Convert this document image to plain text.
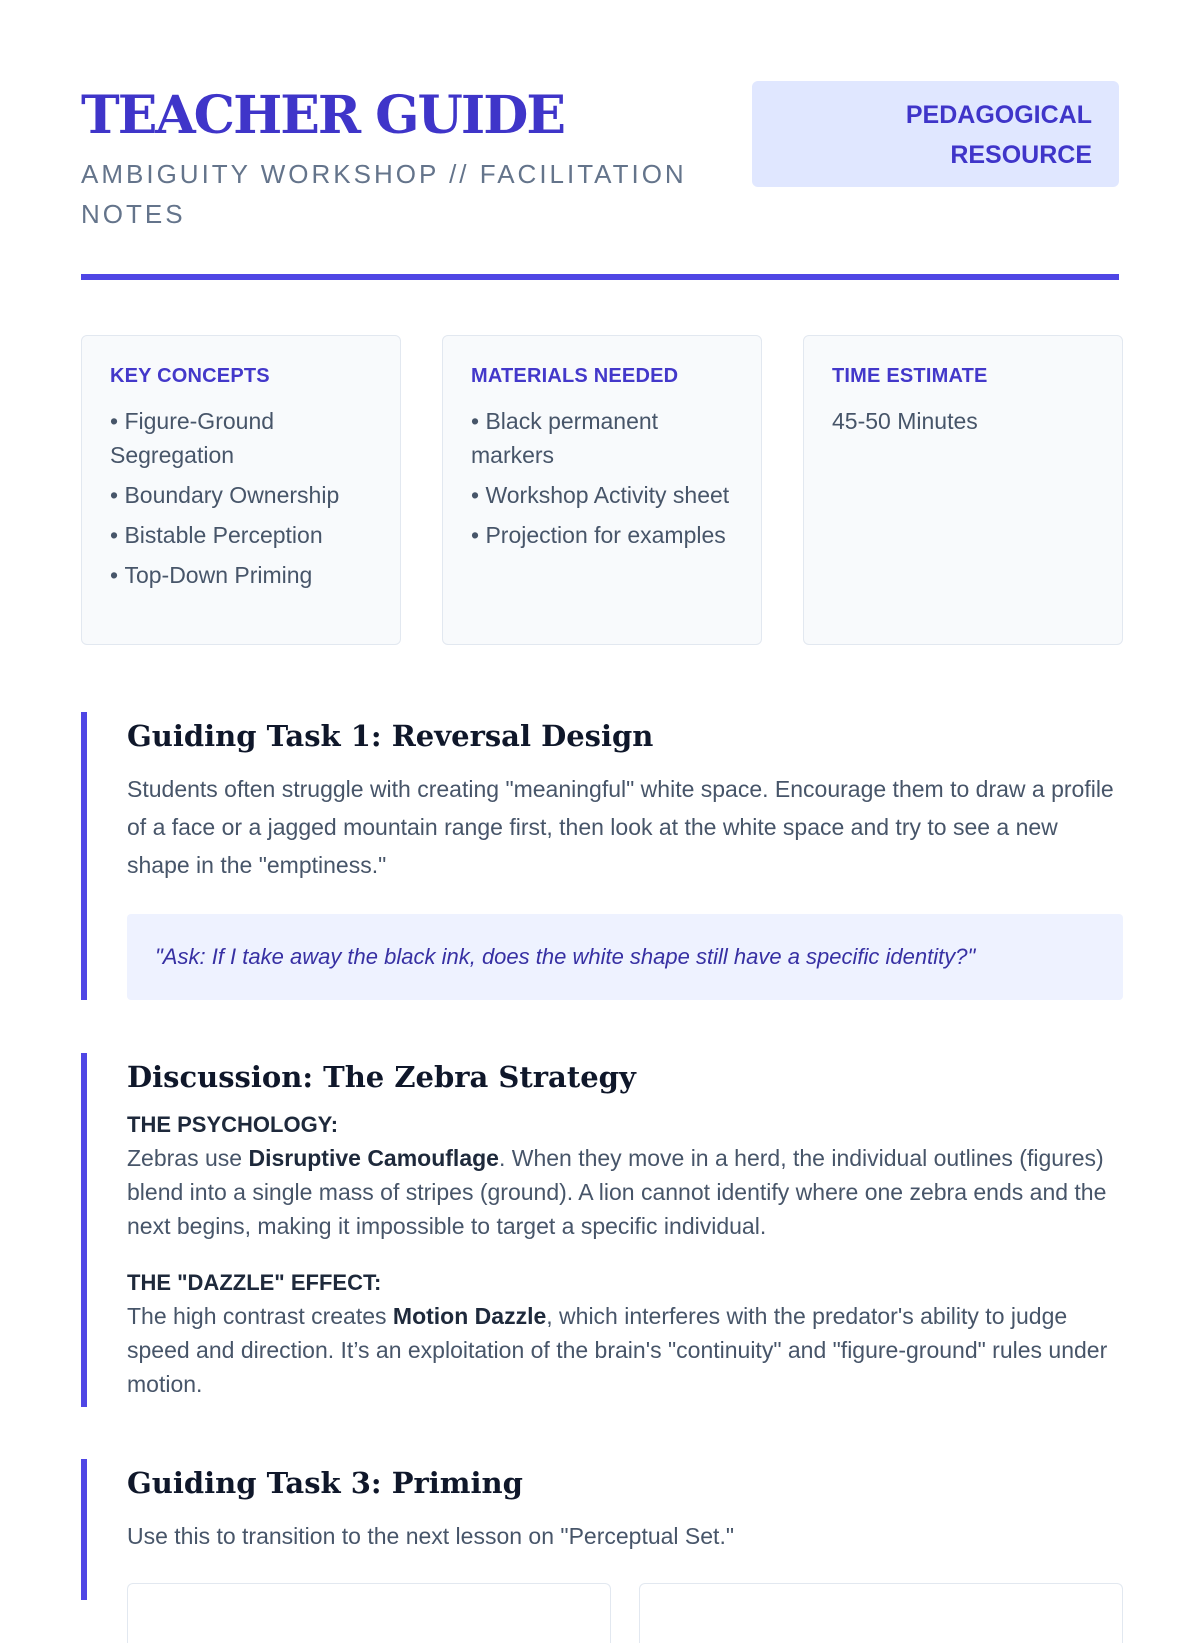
TEACHER GUIDE
AMBIGUITY WORKSHOP // FACILITATION NOTES
PEDAGOGICAL
RESOURCE
KEY CONCEPTS
• Figure-Ground Segregation
• Boundary Ownership
• Bistable Perception
• Top-Down Priming
MATERIALS NEEDED
• Black permanent markers
• Workshop Activity sheet
• Projection for examples
TIME ESTIMATE
45-50 Minutes
Guiding Task 1: Reversal Design

Students often struggle with creating "meaningful" white space. Encourage them to draw a profile of a face or a jagged mountain range first, then look at the white space and try to see a new shape in the "emptiness."

"Ask: If I take away the black ink, does the white shape still have a specific identity?"
Discussion: The Zebra Strategy
THE PSYCHOLOGY:
Zebras use Disruptive Camouflage. When they move in a herd, the individual outlines (figures) blend into a single mass of stripes (ground). A lion cannot identify where one zebra ends and the next begins, making it impossible to target a specific individual.
THE "DAZZLE" EFFECT:
The high contrast creates Motion Dazzle, which interferes with the predator's ability to judge speed and direction. It’s an exploitation of the brain's "continuity" and "figure-ground" rules under motion.
Guiding Task 3: Priming

Use this to transition to the next lesson on "Perceptual Set."
